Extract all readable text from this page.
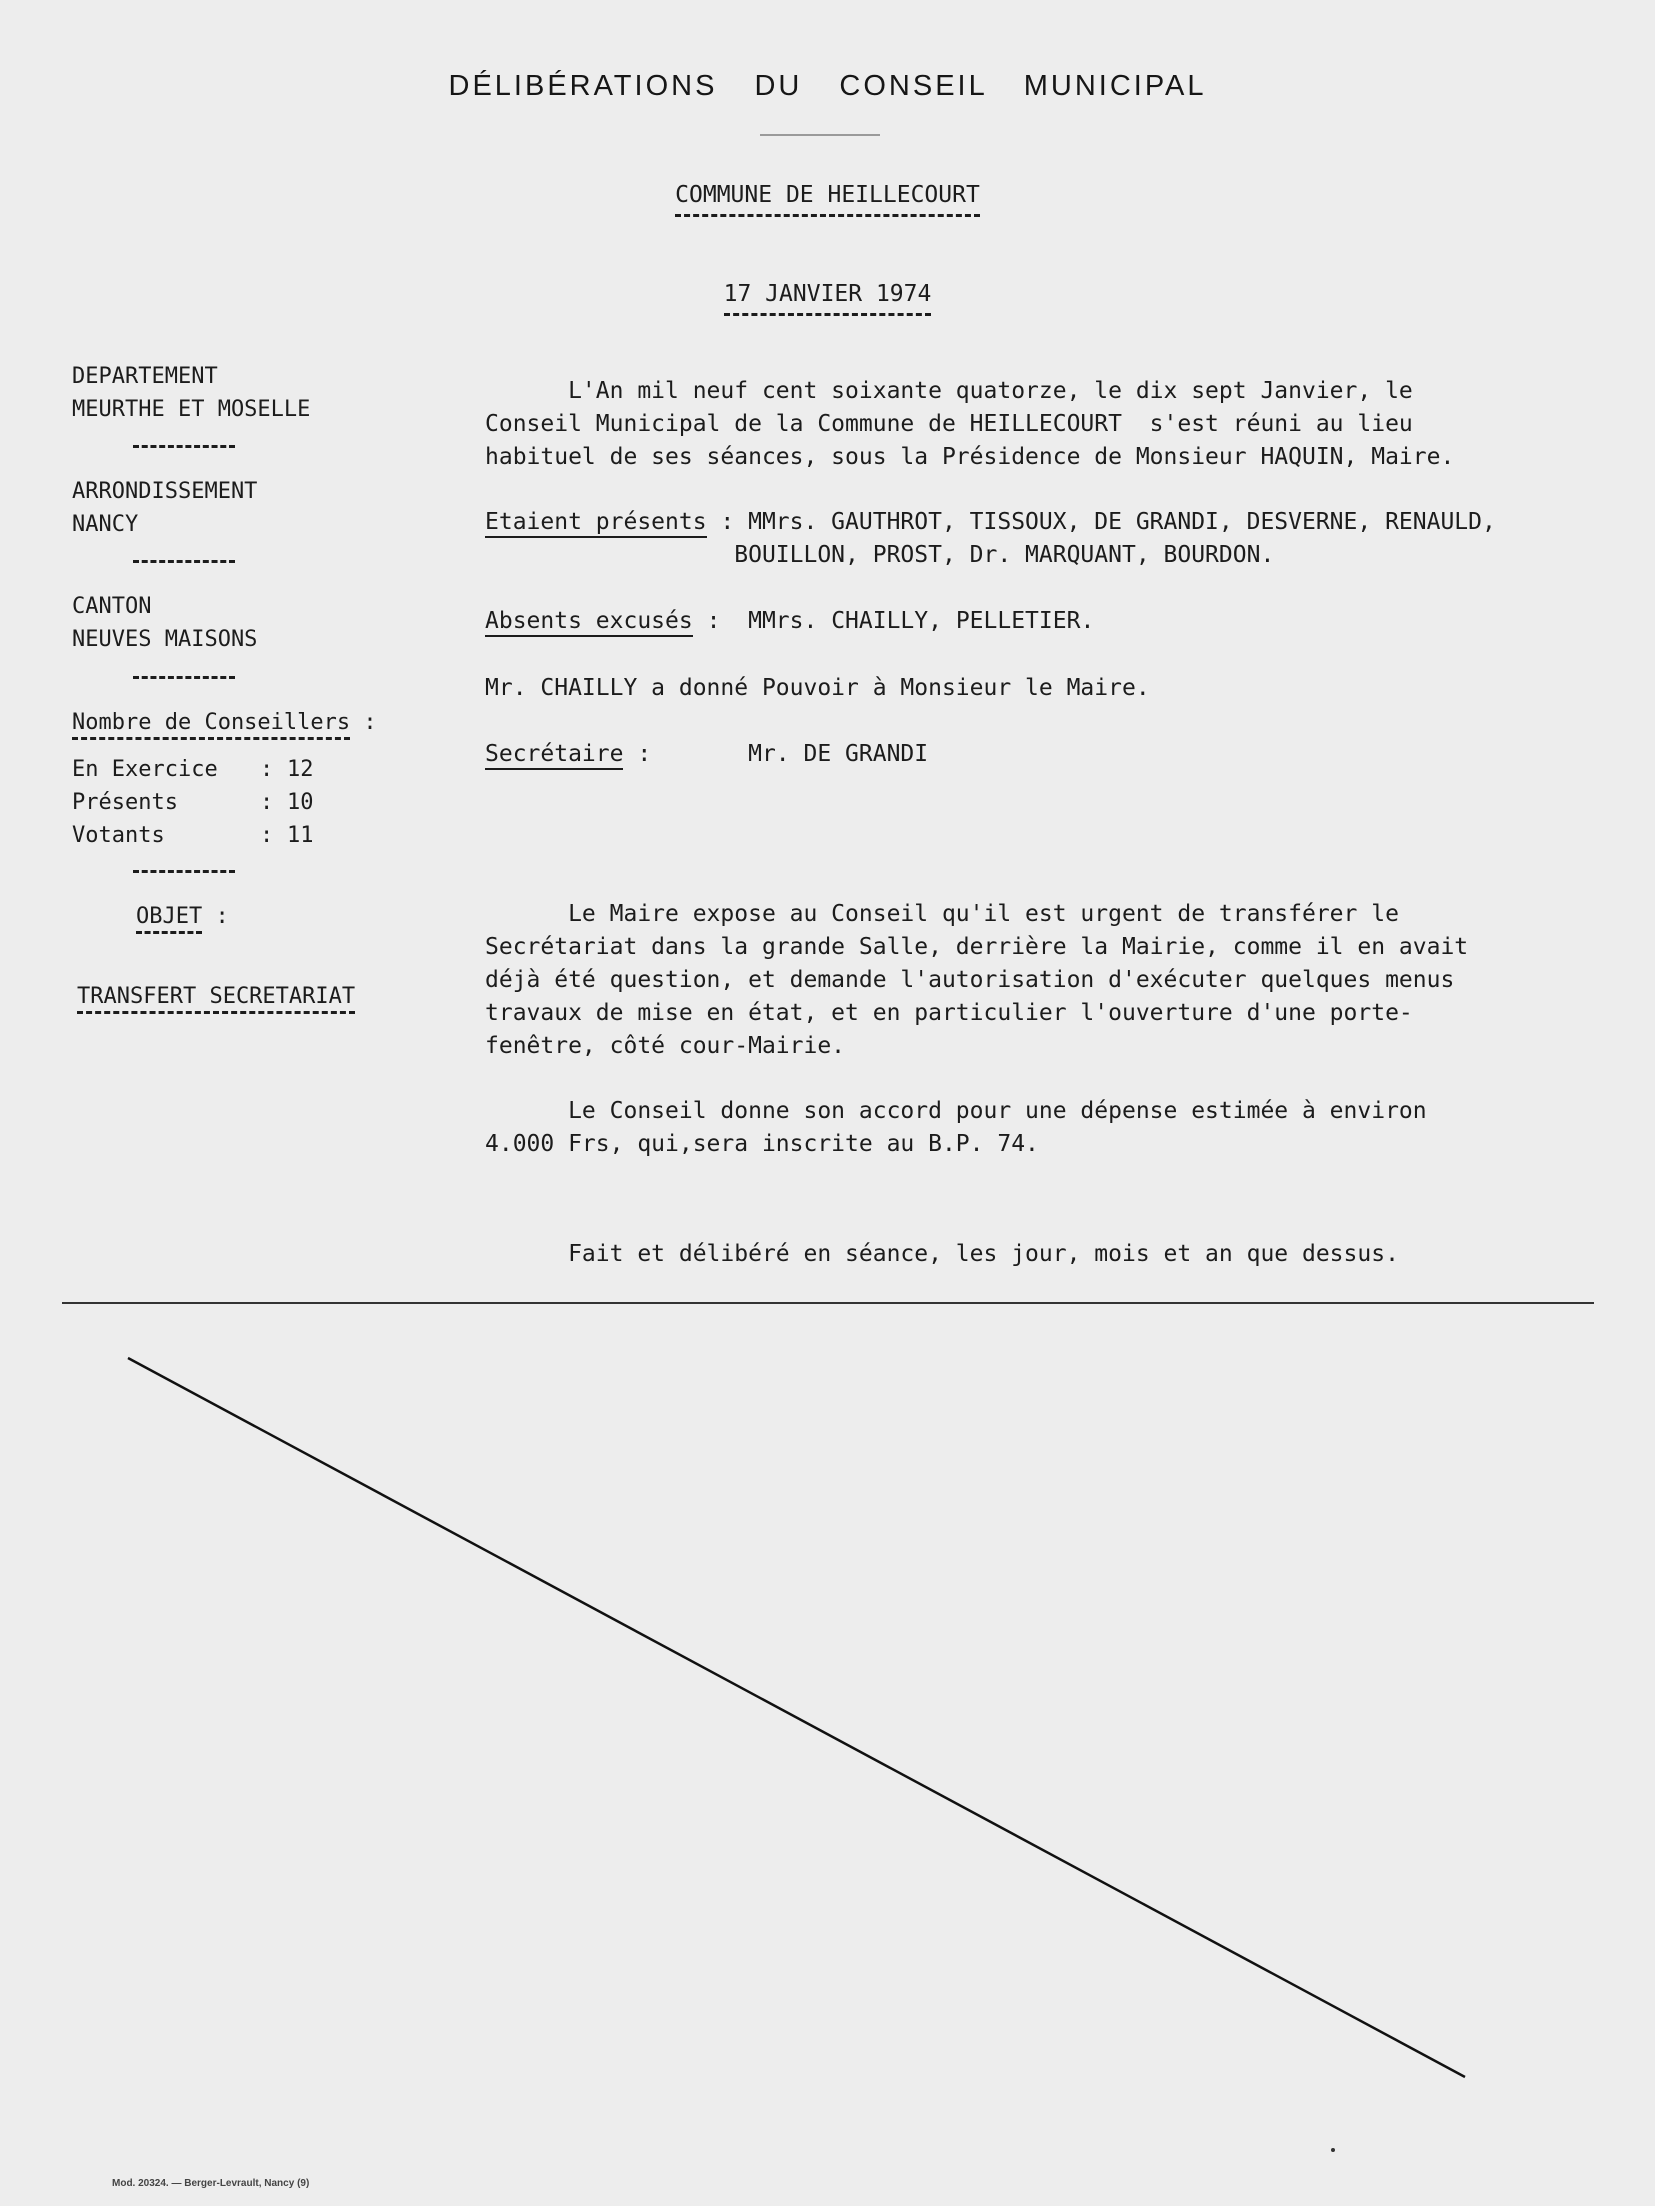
DÉLIBÉRATIONS DU CONSEIL MUNICIPAL
COMMUNE DE HEILLECOURT
17 JANVIER 1974
DEPARTEMENT
MEURTHE ET MOSELLE
ARRONDISSEMENT
NANCY
CANTON
NEUVES MAISONS
Nombre de Conseillers :
En Exercice : 12
Présents	: 10
Votants	: 11
OBJET :
TRANSFERT SECRETARIAT
L'An mil neuf cent soixante quatorze, le dix sept Janvier, le
Conseil Municipal de la Commune de HEILLECOURT  s'est réuni au lieu
habituel de ses séances, sous la Présidence de Monsieur HAQUIN, Maire.
Etaient présents : MMrs. GAUTHROT, TISSOUX, DE GRANDI, DESVERNE, RENAULD,
BOUILLON, PROST, Dr. MARQUANT, BOURDON.
Absents excusés :  MMrs. CHAILLY, PELLETIER.
Mr. CHAILLY a donné Pouvoir à Monsieur le Maire.
Secrétaire :       Mr. DE GRANDI
Le Maire expose au Conseil qu'il est urgent de transférer le
Secrétariat dans la grande Salle, derrière la Mairie, comme il en avait
déjà été question, et demande l'autorisation d'exécuter quelques menus
travaux de mise en état, et en particulier l'ouverture d'une porte-
fenêtre, côté cour-Mairie.
Le Conseil donne son accord pour une dépense estimée à environ
4.000 Frs, qui,sera inscrite au B.P. 74.
Fait et délibéré en séance, les jour, mois et an que dessus.
Mod. 20324. — Berger-Levrault, Nancy (9)
